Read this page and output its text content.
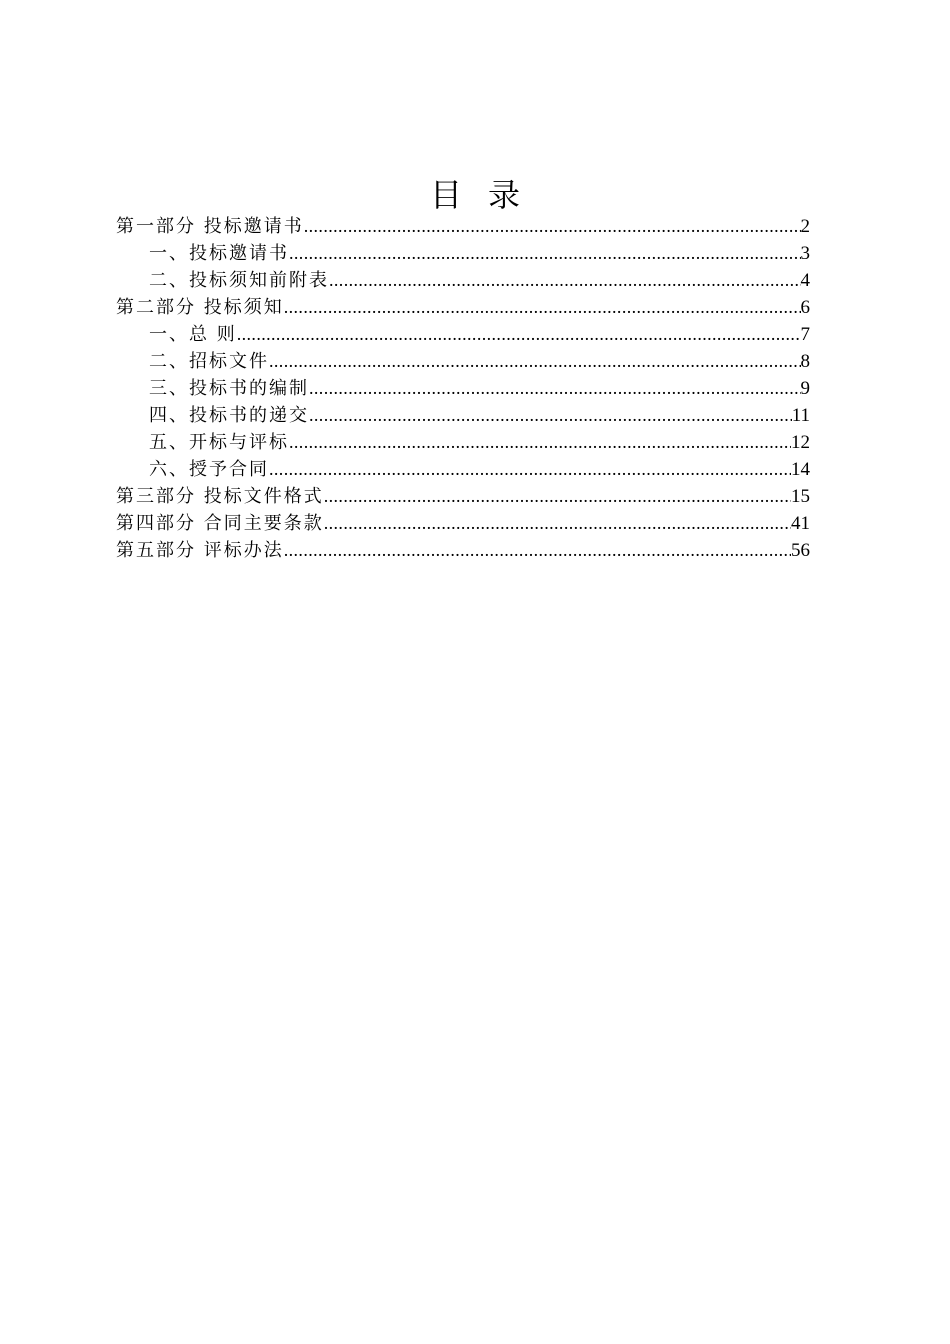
目录
第一部分 投标邀请书 .....	2
一、投标邀请书 .....	3
二、投标须知前附表 .....	4
第二部分 投标须知 .....	6
一、总 则 .....	7
二、招标文件 .....	8
三、投标书的编制 .....	9
四、投标书的递交 .....	11
五、开标与评标 .....	12
六、授予合同 .....	14
第三部分 投标文件格式 .....	15
第四部分 合同主要条款 .....	41
第五部分 评标办法 .....	56
